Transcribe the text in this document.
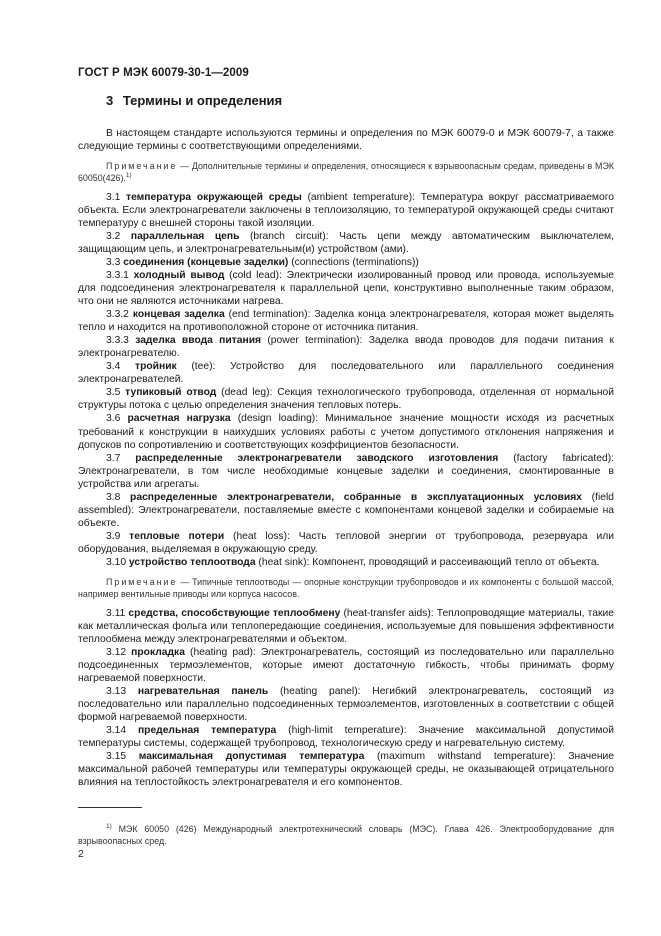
ГОСТ Р МЭК 60079-30-1—2009
3 Термины и определения

В настоящем стандарте используются термины и определения по МЭК 60079-0 и МЭК 60079-7, а также следующие термины с соответствующими определениями.

Примечание — Дополнительные термины и определения, относящиеся к взрывоопасным средам, приведены в МЭК 60050(426).$^{1)}$

3.1 температура окружающей среды (ambient temperature): Температура вокруг рассматриваемого объекта. Если электронагреватели заключены в теплоизоляцию, то температурой окружающей среды считают температуру с внешней стороны такой изоляции.

3.2 параллельная цепь (branch circuit): Часть цепи между автоматическим выключателем, защищающим цепь, и электронагревательным(и) устройством (ами).

3.3 соединения (концевые заделки) (connections (terminations))

3.3.1 холодный вывод (cold lead): Электрически изолированный провод или провода, используемые для подсоединения электронагревателя к параллельной цепи, конструктивно выполненные таким образом, что они не являются источниками нагрева.

3.3.2 концевая заделка (end termination): Заделка конца электронагревателя, которая может выделять тепло и находится на противоположной стороне от источника питания.

3.3.3 заделка ввода питания (power termination): Заделка ввода проводов для подачи питания к электронагревателю.

3.4 тройник (tee): Устройство для последовательного или параллельного соединения электронагревателей.

3.5 тупиковый отвод (dead leg): Секция технологического трубопровода, отделенная от нормальной структуры потока с целью определения значения тепловых потерь.

3.6 расчетная нагрузка (design loading): Минимальное значение мощности исходя из расчетных требований к конструкции в наихудших условиях работы с учетом допустимого отклонения напряжения и допусков по сопротивлению и соответствующих коэффициентов безопасности.

3.7 распределенные электронагреватели заводского изготовления (factory fabricated): Электронагреватели, в том числе необходимые концевые заделки и соединения, смонтированные в устройства или агрегаты.

3.8 распределенные электронагреватели, собранные в эксплуатационных условиях (field assembled): Электронагреватели, поставляемые вместе с компонентами концевой заделки и собираемые на объекте.

3.9 тепловые потери (heat loss): Часть тепловой энергии от трубопровода, резервуара или оборудования, выделяемая в окружающую среду.

3.10 устройство теплоотвода (heat sink): Компонент, проводящий и рассеивающий тепло от объекта.

Примечание — Типичные теплоотводы — опорные конструкции трубопроводов и их компоненты с большой массой, например вентильные приводы или корпуса насосов.

3.11 средства, способствующие теплообмену (heat-transfer aids): Теплопроводящие материалы, такие как металлическая фольга или теплопередающие соединения, используемые для повышения эффективности теплообмена между электронагревателями и объектом.

3.12 прокладка (heating pad): Электронагреватель, состоящий из последовательно или параллельно подсоединенных термоэлементов, которые имеют достаточную гибкость, чтобы принимать форму нагреваемой поверхности.

3.13 нагревательная панель (heating panel): Негибкий электронагреватель, состоящий из последовательно или параллельно подсоединенных термоэлементов, изготовленных в соответствии с общей формой нагреваемой поверхности.

3.14 предельная температура (high-limit temperature): Значение максимальной допустимой температуры системы, содержащей трубопровод, технологическую среду и нагревательную систему.

3.15 максимальная допустимая температура (maximum withstand temperature): Значение максимальной рабочей температуры или температуры окружающей среды, не оказывающей отрицательного влияния на теплостойкость электронагревателя и его компонентов.

$^{1)}$ МЭК 60050 (426) Международный электротехнический словарь (МЭС). Глава 426. Электрооборудование для взрывоопасных сред.

2
